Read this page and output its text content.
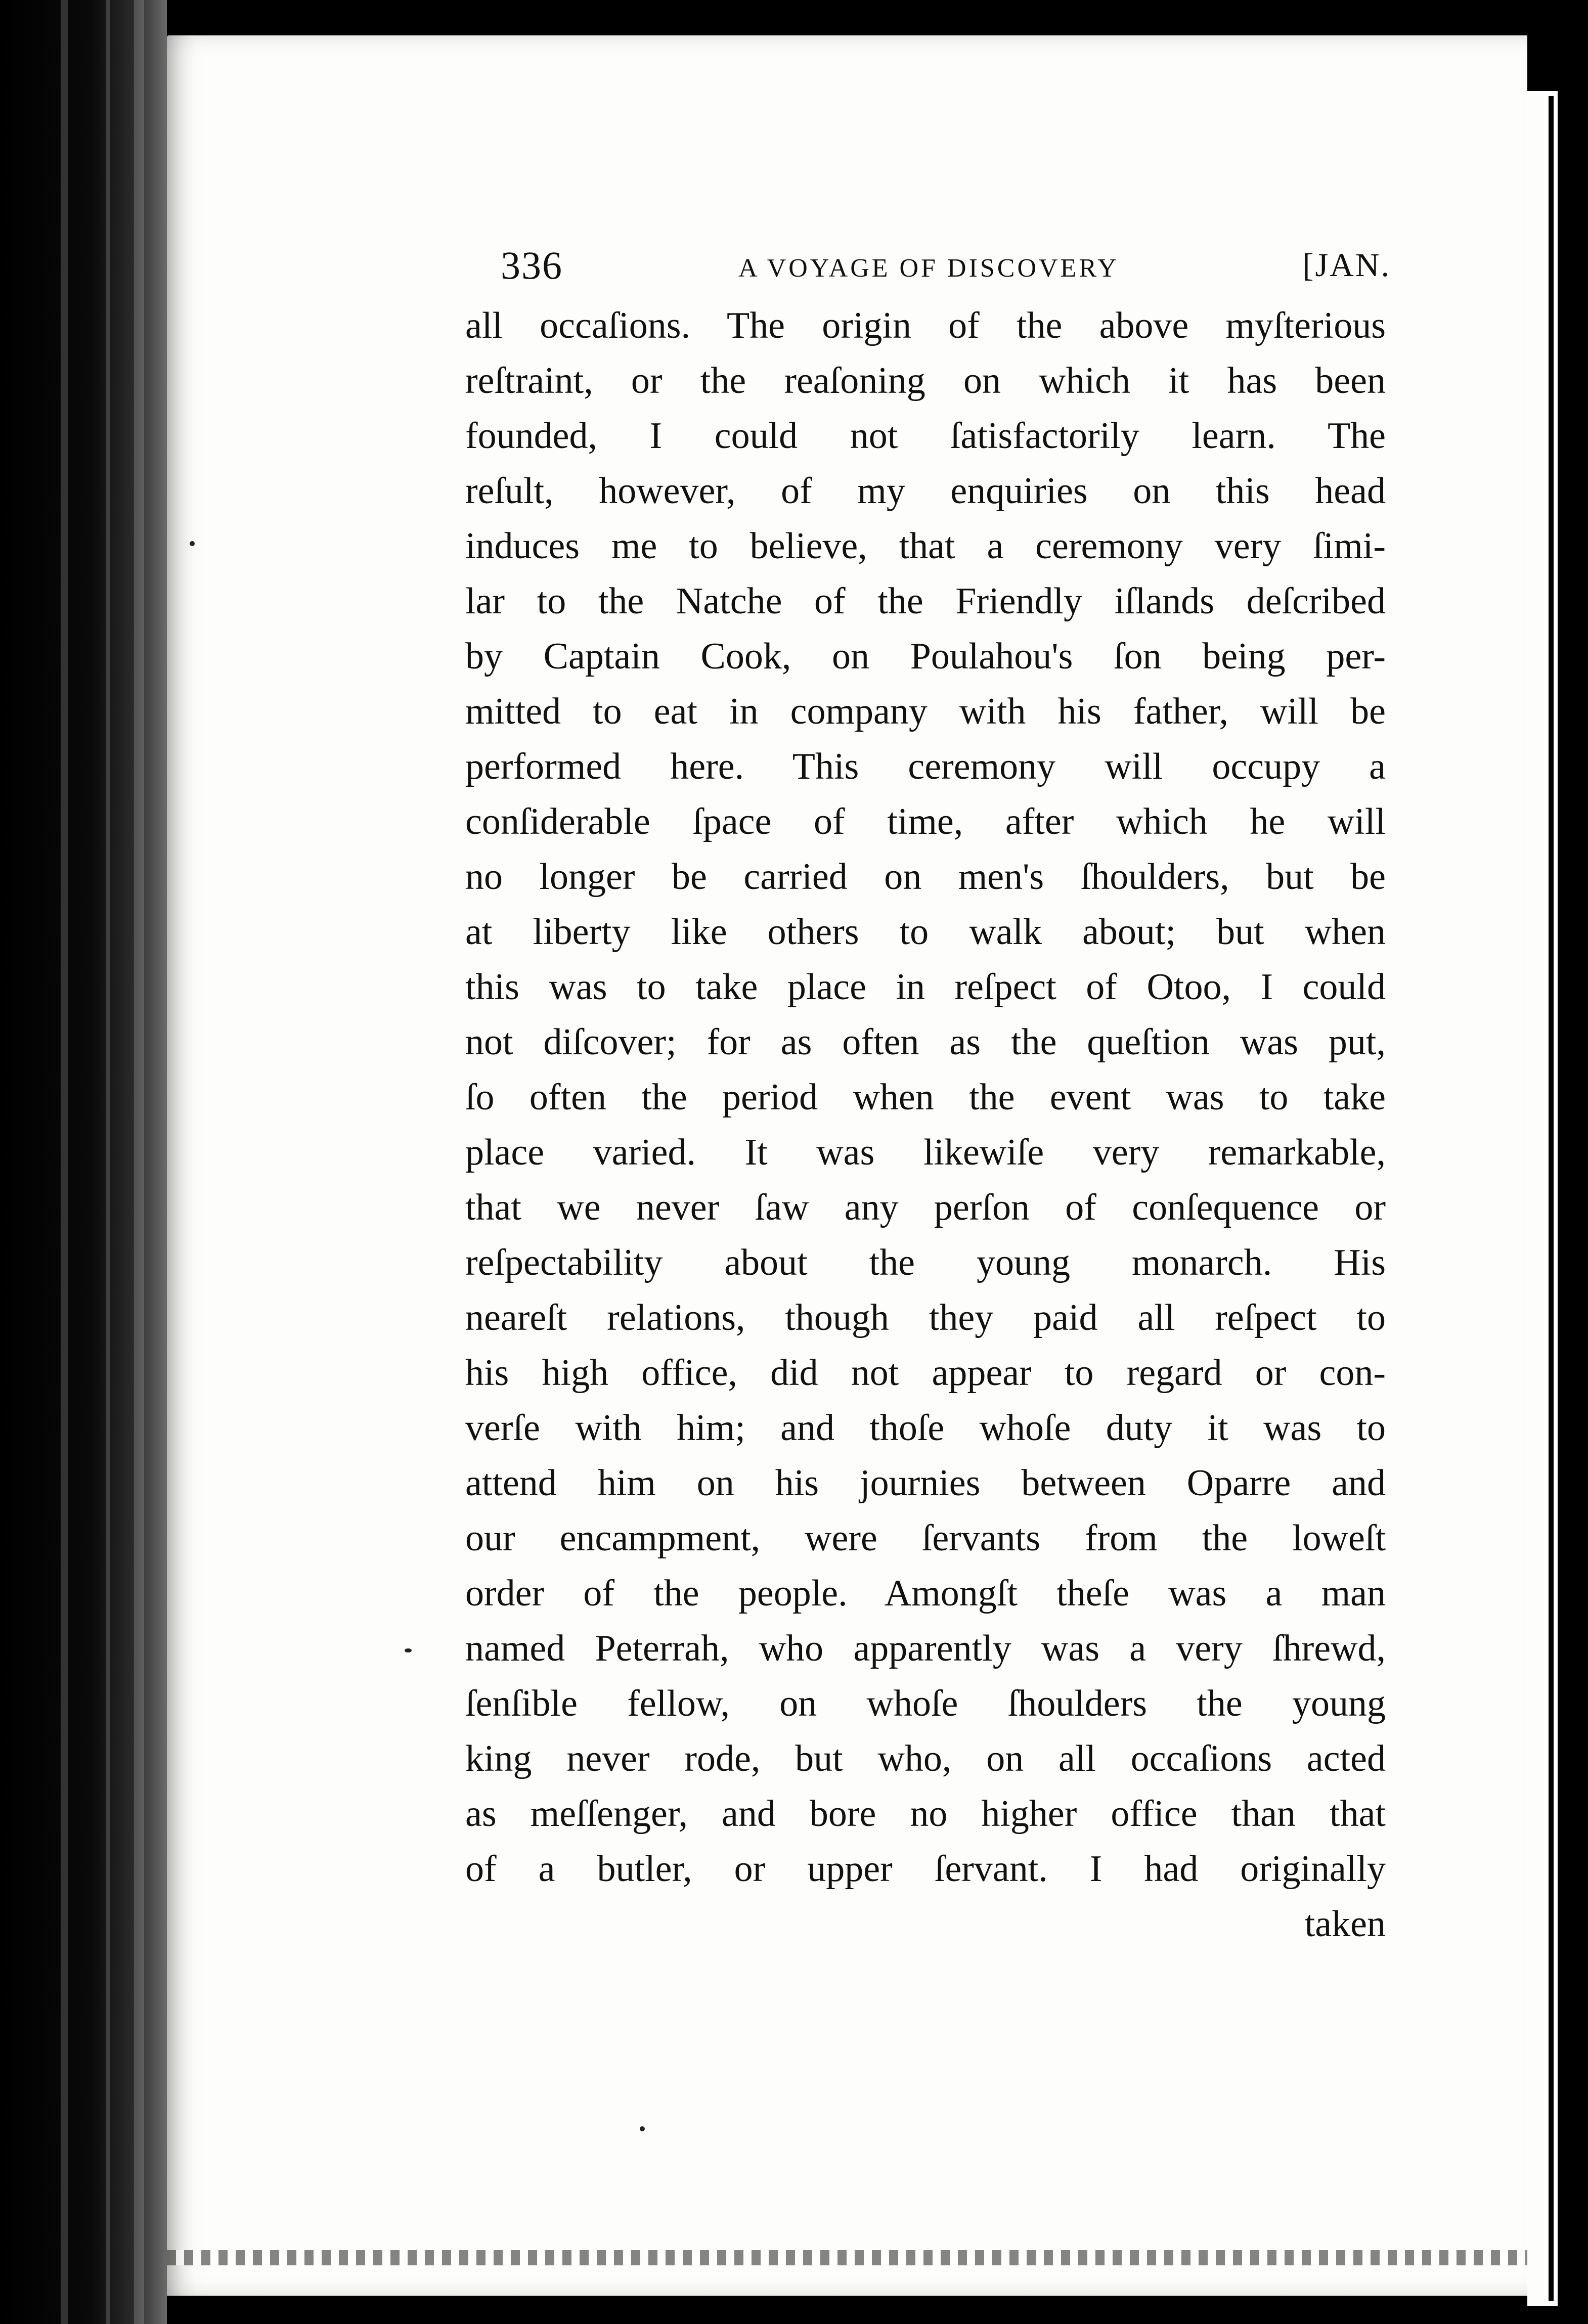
336	A VOYAGE OF DISCOVERY	[JAN.
all occaſions. The origin of the above myſterious
reſtraint, or the reaſoning on which it has been
founded, I could not ſatisfactorily learn. The
reſult, however, of my enquiries on this head
induces me to believe, that a ceremony very ſimi-
lar to the Natche of the Friendly iſlands deſcribed
by Captain Cook, on Poulahou's ſon being per-
mitted to eat in company with his father, will be
performed here. This ceremony will occupy a
conſiderable ſpace of time, after which he will
no longer be carried on men's ſhoulders, but be
at liberty like others to walk about; but when
this was to take place in reſpect of Otoo, I could
not diſcover; for as often as the queſtion was put,
ſo often the period when the event was to take
place varied. It was likewiſe very remarkable,
that we never ſaw any perſon of conſequence or
reſpectability about the young monarch. His
neareſt relations, though they paid all reſpect to
his high office, did not appear to regard or con-
verſe with him; and thoſe whoſe duty it was to
attend him on his journies between Oparre and
our encampment, were ſervants from the loweſt
order of the people. Amongſt theſe was a man
named Peterrah, who apparently was a very ſhrewd,
ſenſible fellow, on whoſe ſhoulders the young
king never rode, but who, on all occaſions acted
as meſſenger, and bore no higher office than that
of a butler, or upper ſervant. I had originally
taken
